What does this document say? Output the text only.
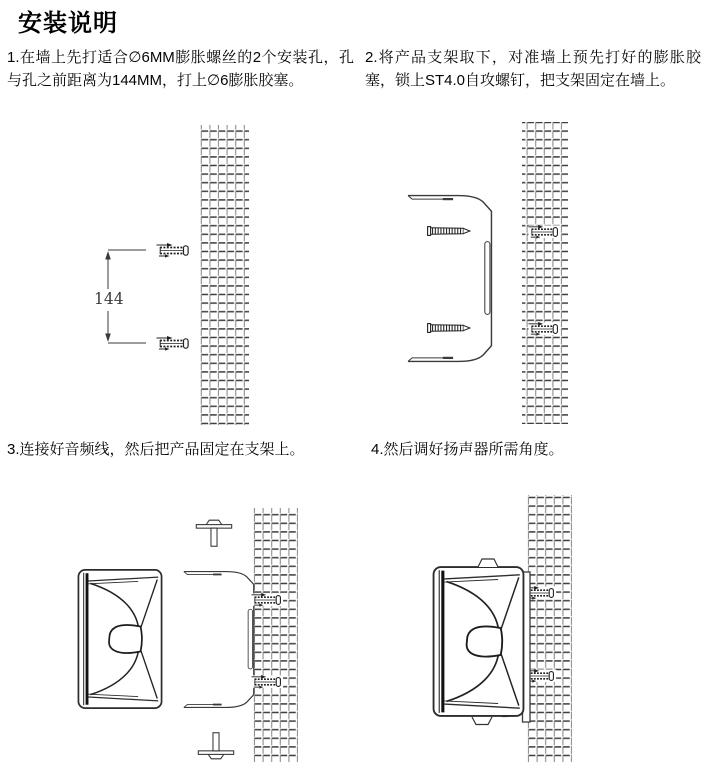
安装说明

1.在墙上先打适合∅6MM膨胀螺丝的2个安装孔，孔与孔之前距离为144MM，打上∅6膨胀胶塞。

2.将产品支架取下，对准墙上预先打好的膨胀胶塞，锁上ST4.0自攻螺钉，把支架固定在墙上。

3.连接好音频线，然后把产品固定在支架上。	4.然后调好扬声器所需角度。

144
